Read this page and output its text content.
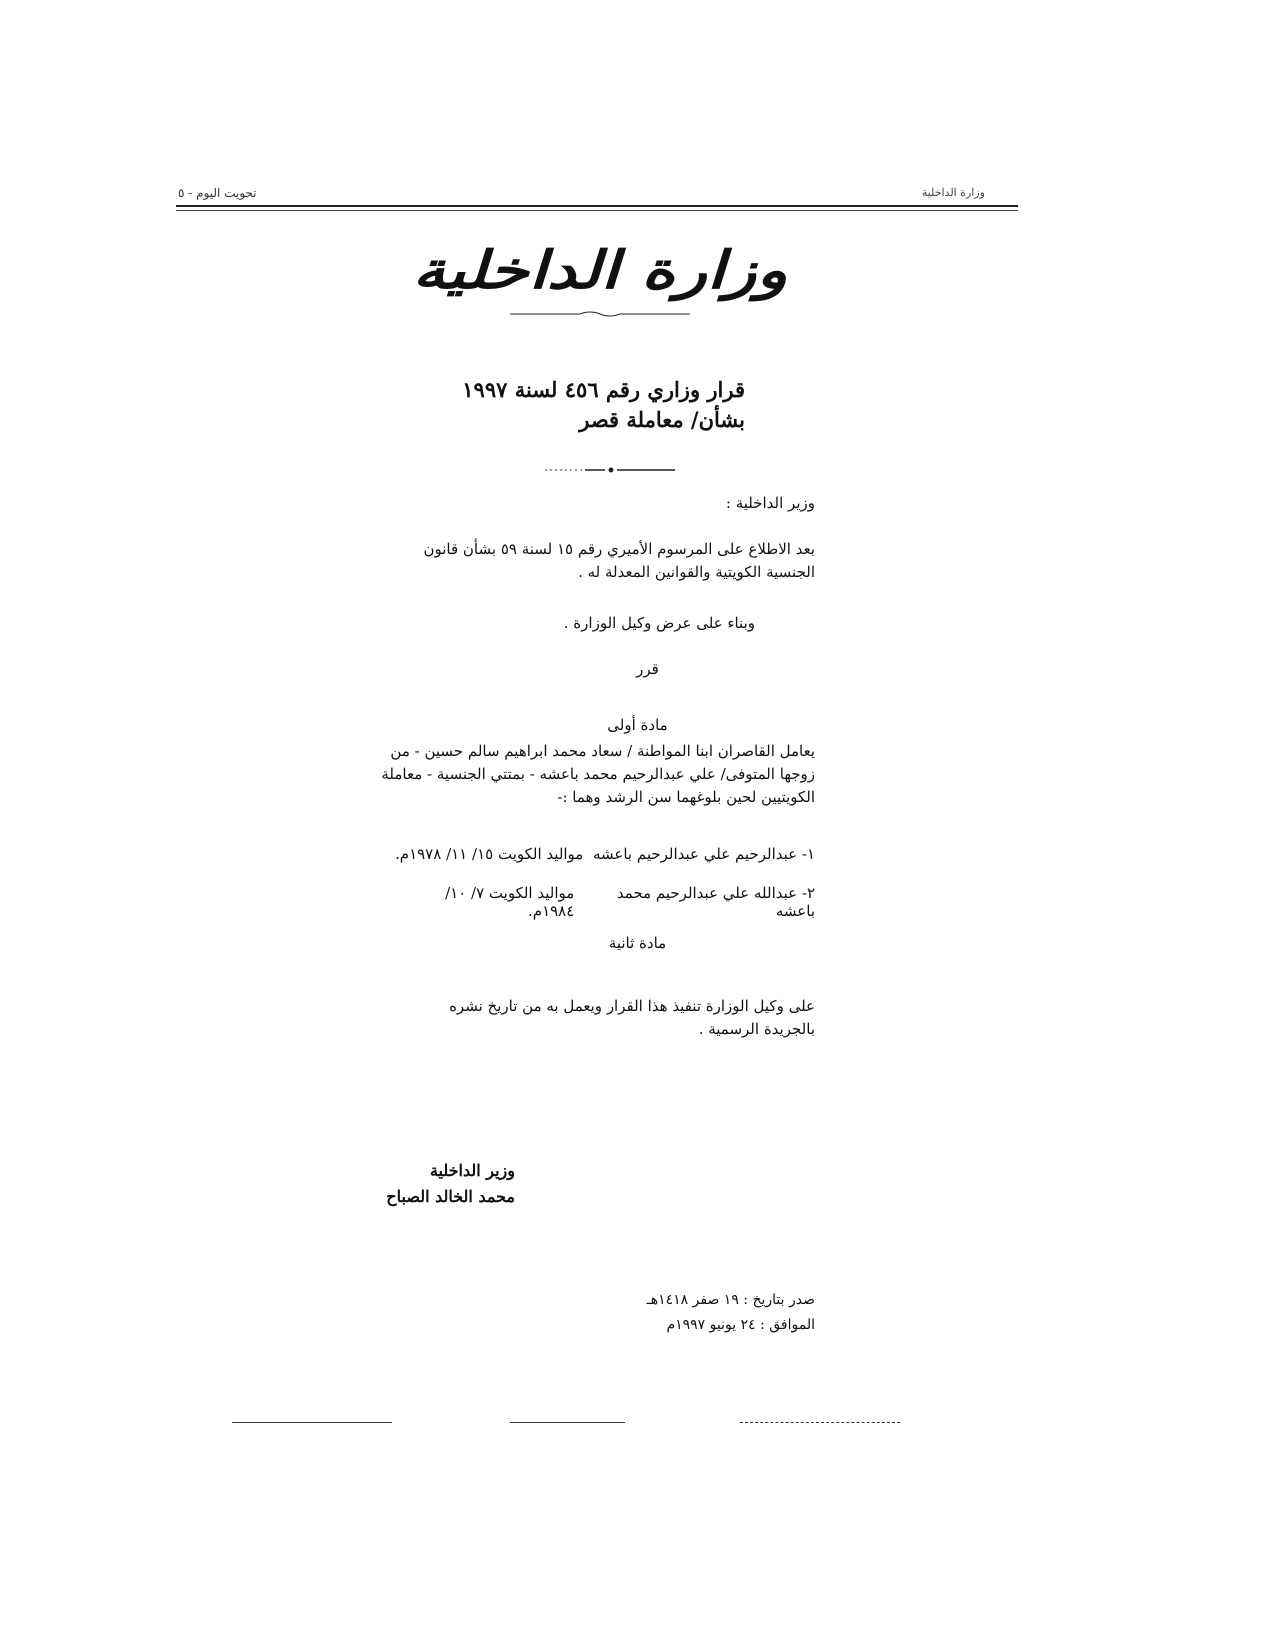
تحويت اليوم - ٥	وزارة الداخلية
وزارة الداخلية
قرار وزاري رقم ٤٥٦ لسنة ١٩٩٧
بشأن/ معاملة قصر
وزير الداخلية :
بعد الاطلاع على المرسوم الأميري رقم ١٥ لسنة ٥٩ بشأن قانون
الجنسية الكويتية والقوانين المعدلة له .
وبناء على عرض وكيل الوزارة .
قرر
مادة أولى
يعامل القاصران ابنا المواطنة / سعاد محمد ابراهيم سالم حسين - من
زوجها المتوفى/ علي عبدالرحيم محمد باعشه - بمتتي الجنسية - معاملة
الكويتيين لحين بلوغهما سن الرشد وهما :-
١- عبدالرحيم علي عبدالرحيم باعشه
مواليد الكويت ١٥/ ١١/ ١٩٧٨م.
٢- عبدالله علي عبدالرحيم محمد باعشه
مواليد الكويت ٧/ ١٠/ ١٩٨٤م.
مادة ثانية
على وكيل الوزارة تنفيذ هذا القرار ويعمل به من تاريخ نشره
بالجريدة الرسمية .
وزير الداخلية
محمد الخالد الصباح
صدر بتاريخ : ١٩ صفر ١٤١٨هـ
الموافق : ٢٤ يونيو ١٩٩٧م
